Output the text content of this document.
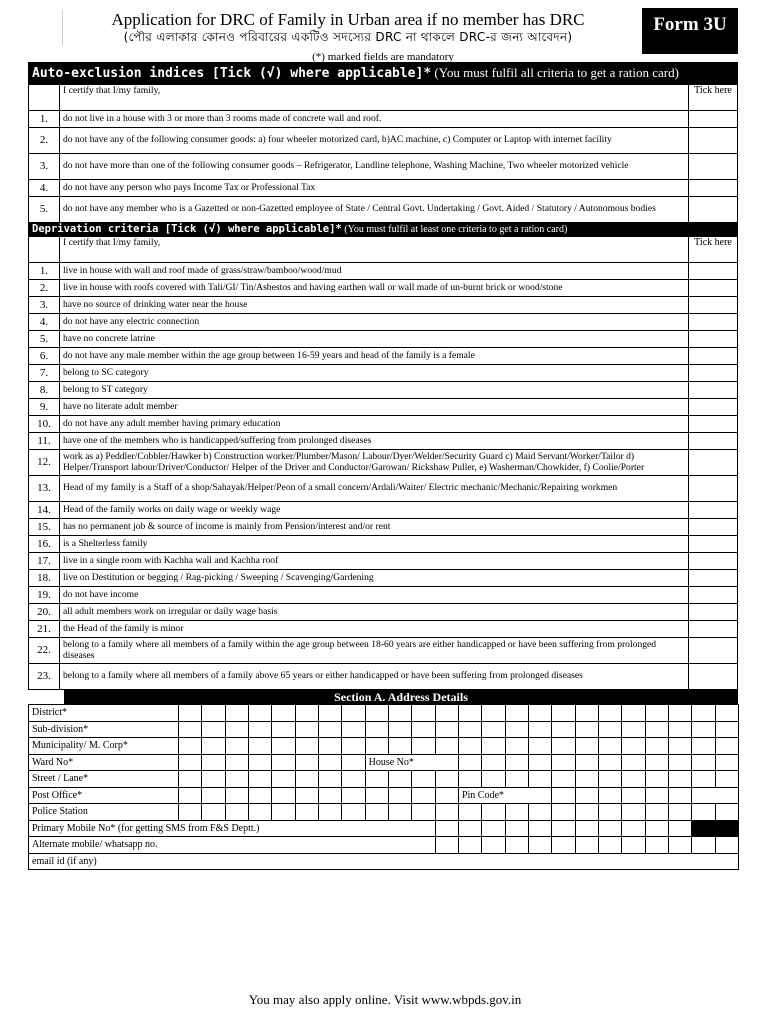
Application for DRC of Family in Urban area if no member has DRC
(পৌর এলাকার কোনও পরিবারের একটিও সদস্যের DRC না থাকলে DRC-র জন্য আবেদন)
Form 3U
(*) marked fields are mandatory
Auto-exclusion indices [Tick (√) where applicable]* (You must fulfil all criteria to get a ration card)
	I certify that I/my family,	Tick here
1.	do not live in a house with 3 or more than 3 rooms made of concrete wall and roof.	
2.	do not have any of the following consumer goods: a) four wheeler motorized card, b)AC machine, c) Computer or Laptop with internet facility	
3.	do not have more than one of the following consumer goods – Refrigerator, Landline telephone, Washing Machine, Two wheeler motorized vehicle	
4.	do not have any person who pays Income Tax or Professional Tax	
5.	do not have any member who is a Gazetted or non-Gazetted employee of State / Central Govt. Undertaking / Govt. Aided / Statutory / Autonomous bodies	
Deprivation criteria [Tick (√) where applicable]* (You must fulfil at least one criteria to get a ration card)
	I certify that I/my family,	Tick here
1.	live in house with wall and roof made of grass/straw/bamboo/wood/mud	
2.	live in house with roofs covered with Tali/GI/ Tin/Asbestos and having earthen wall or wall made of un-burnt brick or wood/stone	
3.	have no source of drinking water near the house	
4.	do not have any electric connection	
5.	have no concrete latrine	
6.	do not have any male member within the age group between 16-59 years and head of the family is a female	
7.	belong to SC category	
8.	belong to ST category	
9.	have no literate adult member	
10.	do not have any adult member having primary education	
11.	have one of the members who is handicapped/suffering from prolonged diseases	
12.	work as a) Peddler/Cobbler/Hawker b) Construction worker/Plumber/Mason/ Labour/Dyer/Welder/Security Guard c) Maid Servant/Worker/Tailor d) Helper/Transport labour/Driver/Conductor/ Helper of the Driver and Conductor/Garowan/ Rickshaw Puller, e) Washerman/Chowkider, f) Coolie/Porter	
13.	Head of my family is a Staff of a shop/Sahayak/Helper/Peon of a small concern/Ardali/Waiter/ Electric mechanic/Mechanic/Repairing workmen	
14.	Head of the family works on daily wage or weekly wage	
15.	has no permanent job & source of income is mainly from Pension/interest and/or rent	
16.	is a Shelterless family	
17.	live in a single room with Kachha wall and Kachha roof	
18.	live on Destitution or begging / Rag-picking / Sweeping / Scavenging/Gardening	
19.	do not have income	
20.	all adult members work on irregular or daily wage basis	
21.	the Head of the family is minor	
22.	belong to a family where all members of a family within the age group between 18-60 years are either handicapped or have been suffering from prolonged diseases	
23.	belong to a family where all members of a family above 65 years or either handicapped or have been suffering from prolonged diseases	
Section A. Address Details
District*																								
Sub-division*																								
Municipality/ M. Corp*																								
Ward No*									House No*															
Street / Lane*																								
Post Office*													Pin Code*											
Police Station																								
Primary Mobile No* (for getting SMS from F&S Deptt.)																								
Alternate mobile/ whatsapp no.																								
email id (if any)																								
You may also apply online. Visit www.wbpds.gov.in
